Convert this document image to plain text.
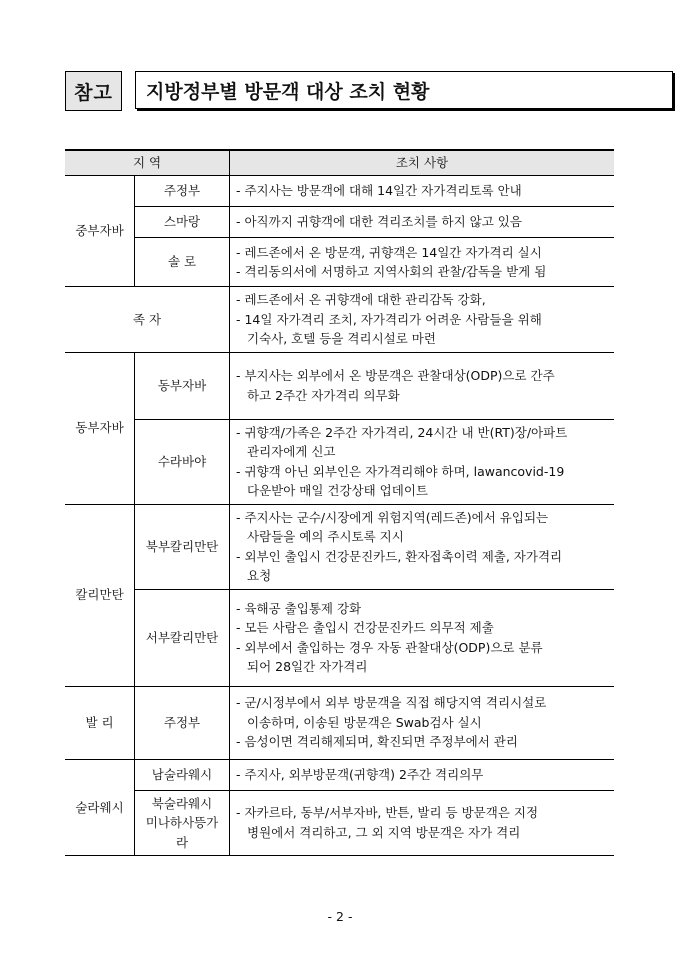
참고	지방정부별 방문객 대상 조치 현황
지 역		조치 사항
중부자바	주정부	- 주지사는 방문객에 대해 14일간 자가격리토록 안내

	스마랑	- 아직까지 귀향객에 대한 격리조치를 하지 않고 있음

	솔 로	- 레드존에서 온 방문객, 귀향객은 14일간 자가격리 실시
- 격리동의서에 서명하고 지역사회의 관찰/감독을 받게 됨

족 자		- 레드존에서 온 귀향객에 대한 관리감독 강화,
- 14일 자가격리 조치, 자가격리가 어려운 사람들을 위해
기숙사, 호텔 등을 격리시설로 마련

동부자바	동부자바	- 부지사는 외부에서 온 방문객은 관찰대상(ODP)으로 간주
하고 2주간 자가격리 의무화

	수라바야	- 귀향객/가족은 2주간 자가격리, 24시간 내 반(RT)장/아파트
관리자에게 신고
- 귀향객 아닌 외부인은 자가격리해야 하며, lawancovid-19
다운받아 매일 건강상태 업데이트

칼리만탄	북부칼리만탄	- 주지사는 군수/시장에게 위험지역(레드존)에서 유입되는
사람들을 예의 주시토록 지시
- 외부인 출입시 건강문진카드, 환자접촉이력 제출, 자가격리
요청

	서부칼리만탄	- 육해공 출입통제 강화
- 모든 사람은 출입시 건강문진카드 의무적 제출
- 외부에서 출입하는 경우 자동 관찰대상(ODP)으로 분류
되어 28일간 자가격리

발 리	주정부	- 군/시정부에서 외부 방문객을 직접 해당지역 격리시설로
이송하며, 이송된 방문객은 Swab검사 실시
- 음성이면 격리해제되며, 확진되면 주정부에서 관리

술라웨시	남술라웨시	- 주지사, 외부방문객(귀향객) 2주간 격리의무

	북술라웨시
미나하사뜽가라	- 자카르타, 동부/서부자바, 반튼, 발리 등 방문객은 지정
병원에서 격리하고, 그 외 지역 방문객은 자가 격리
- 2 -
